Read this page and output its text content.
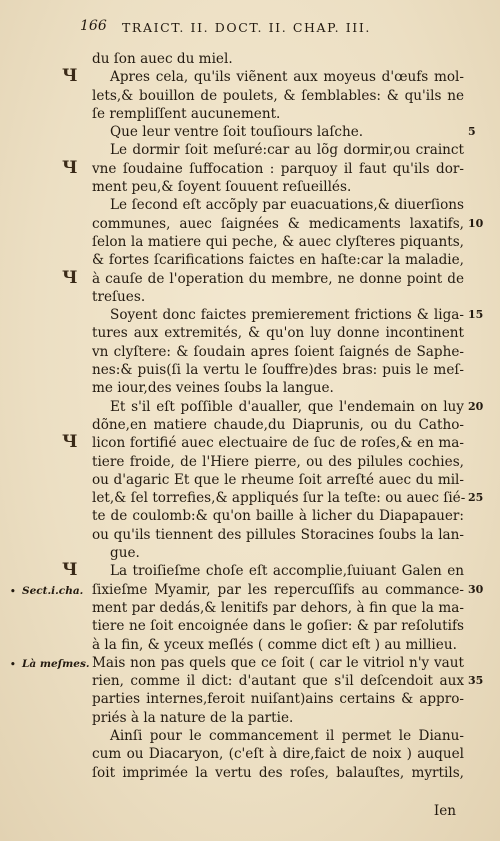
166 TRAICT. II. DOCT. II. CHAP. III.
du ſon auec du miel.
Ч	Apres cela, qu'ils viẽnent aux moyeus d'œufs mol-
lets,& bouillon de poulets, & ſemblables: & qu'ils ne
ſe rempliſſent aucunement.
Que leur ventre ſoit touſiours laſche.	5
Le dormir ſoit meſuré:car au lõg dormir,ou crainct
Ч vne ſoudaine ſuffocation : parquoy il faut qu'ils dor-
ment peu,& ſoyent ſouuent reſueillés.
Le ſecond eſt accõply par euacuations,& diuerſions
communes, auec ſaignées & medicaments laxatifs, 10
ſelon la matiere qui peche, & auec clyſteres piquants,
& fortes ſcarifications faictes en haſte:car la maladie,
Ч à cauſe de l'operation du membre, ne donne point de
treſues.
Soyent donc faictes premierement frictions & liga- 15
tures aux extremités, & qu'on luy donne incontinent
vn clyſtere: & ſoudain apres ſoient ſaignés de Saphe-
nes:& puis(ſi la vertu le ſouffre)des bras: puis le meſ-
me iour,des veines ſoubs la langue.
Et s'il eſt poſſible d'aualler, que l'endemain on luy 20
dõne,en matiere chaude,du Diaprunis, ou du Catho-
Ч licon fortifié auec electuaire de ſuc de roſes,& en ma-
tiere froide, de l'Hiere pierre, ou des pilules cochies,
ou d'agaric Et que le rheume ſoit arreſté auec du mil-
let,& ſel torrefies,& appliqués ſur la teſte: ou auec ſié- 25
te de coulomb:& qu'on baille à licher du Diapapauer:
ou qu'ils tiennent des pillules Storacines ſoubs la lan-
gue.
Ч	La troiſieſme choſe eſt accomplie,ſuiuant Galen en
• Sect.i.cha. ſixieſme Myamir, par les repercuſſifs au commance- 30
ment par dedás,& lenitifs par dehors, à fin que la ma-
tiere ne ſoit encoignée dans le goſier: & par reſolutifs
à la fin, & yceux meſlés ( comme dict eſt ) au millieu.
• Là meſmes. Mais non pas quels que ce ſoit ( car le vitriol n'y vaut
rien, comme il dict: d'autant que s'il deſcendoit aux 35
parties internes,feroit nuiſant)ains certains & appro-
priés à la nature de la partie.
Ainſi pour le commancement il permet le Dianu-
cum ou Diacaryon, (c'eſt à dire,faict de noix ) auquel
ſoit imprimée la vertu des roſes, balauſtes, myrtils,
Ien
